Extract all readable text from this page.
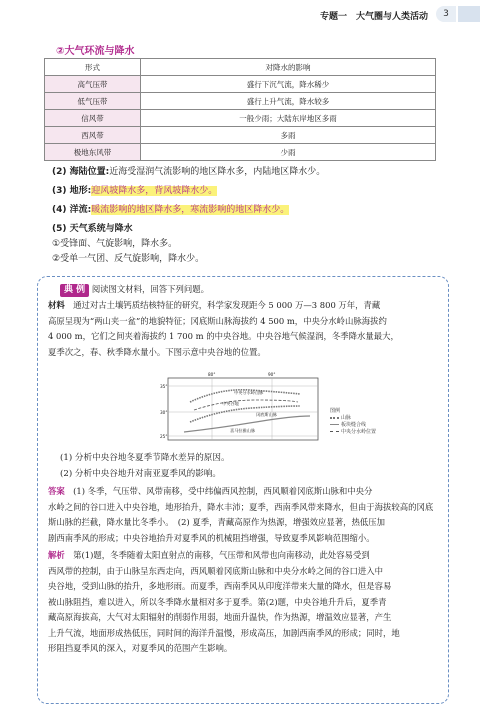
专题一　大气圈与人类活动	3
②大气环流与降水
形式	对降水的影响
高气压带	盛行下沉气流，降水稀少
低气压带	盛行上升气流，降水较多
信风带	一般少雨；大陆东岸地区多雨
西风带	多雨
极地东风带	少雨
(2) 海陆位置:近海受湿润气流影响的地区降水多，内陆地区降水少。
(3) 地形:迎风坡降水多，背风坡降水少。
(4) 洋流:暖流影响的地区降水多，寒流影响的地区降水少。
(5) 天气系统与降水
①受锋面、气旋影响，降水多。
②受单一气团、反气旋影响，降水少。
典 例 阅读图文材料，回答下列问题。
材料　通过对古土壤钙质结核特征的研究，科学家发现距今 5 000 万—3 800 万年，青藏
高原呈现为“两山夹一盆”的地貌特征；冈底斯山脉海拔约 4 500 m，中央分水岭山脉海拔约
4 000 m，它们之间夹着海拔约 1 700 m 的中央谷地。中央谷地气候湿润，冬季降水量最大，
夏季次之，春、秋季降水量小。下图示意中央谷地的位置。
中央分水岭山脉
中央谷地
冈底斯山脉
喜马拉雅山脉
80°	90°
35°
30°
25°
图例
山脉
板块缝合线
中央分水岭位置
(1) 分析中央谷地冬夏季节降水差异的原因。
(2) 分析中央谷地升对南亚夏季风的影响。
答案　(1) 冬季，气压带、风带南移，受中纬偏西风控制，西风顺着冈底斯山脉和中央分
水岭之间的谷口进入中央谷地，地形抬升，降水丰沛；夏季，西南季风带来降水，但由于海拔较高的冈底
斯山脉的拦截，降水量比冬季小。　(2) 夏季，青藏高原作为热源，增强效应显著，热低压加
剧西南季风的形成；中央谷地抬升对夏季风的机械阻挡增强，导致夏季风影响范围缩小。
解析　第(1)题，冬季随着太阳直射点的南移，气压带和风带也向南移动，此处容易受到
西风带的控制，由于山脉呈东西走向，西风顺着冈底斯山脉和中央分水岭之间的谷口进入中
央谷地，受到山脉的抬升，多地形雨。而夏季，西南季风从印度洋带来大量的降水，但是容易
被山脉阻挡，难以进入，所以冬季降水量相对多于夏季。第(2)题，中央谷地升升后，夏季青
藏高原海拔高，大气对太阳辐射的削弱作用弱，地面升温快，作为热源，增温效应显著，产生
上升气流，地面形成热低压，同时间的海洋升温慢，形成高压，加剧西南季风的形成；同时，地
形阻挡夏季风的深入，对夏季风的范围产生影响。
